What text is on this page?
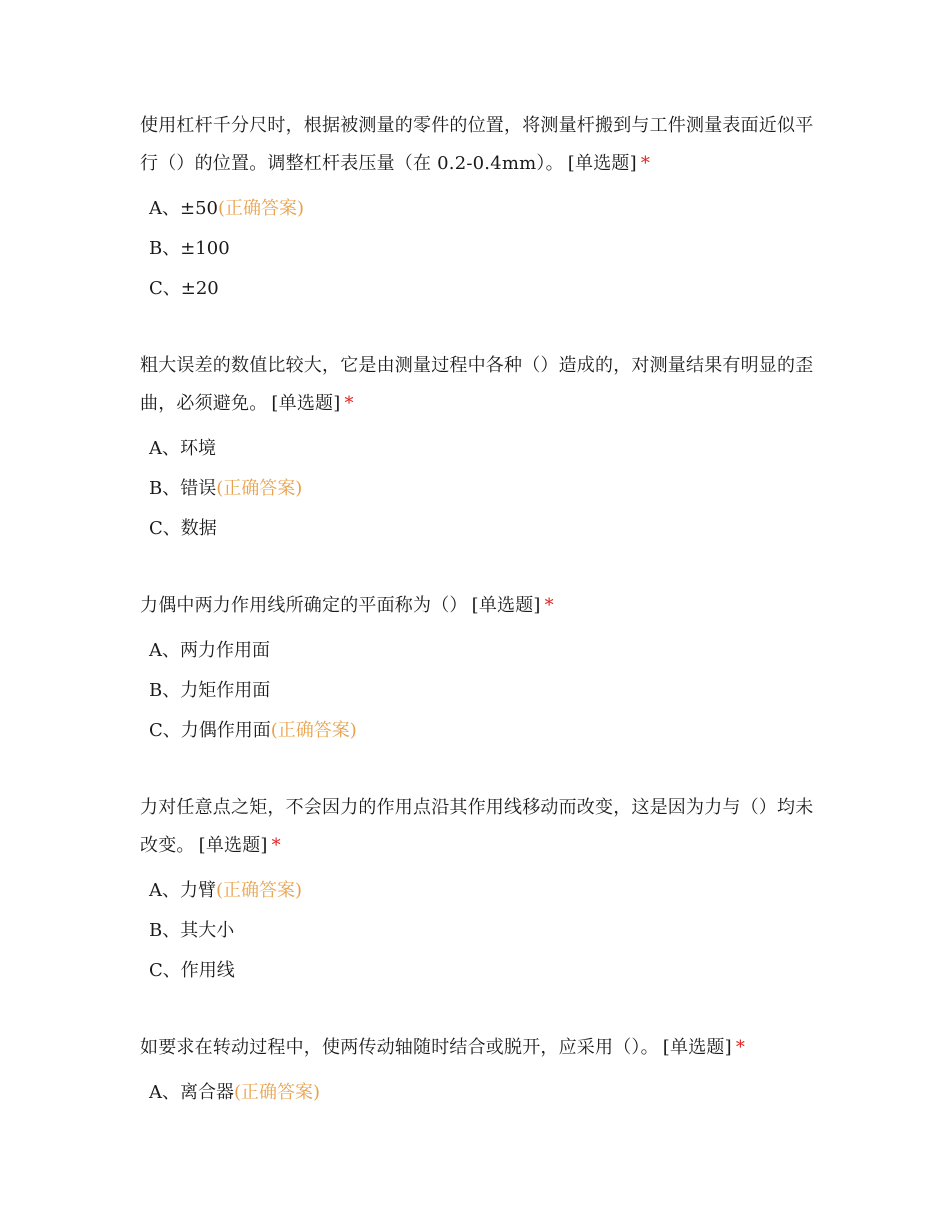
使用杠杆千分尺时，根据被测量的零件的位置，将测量杆搬到与工件测量表面近似平行（）的位置。调整杠杆表压量（在 0.2-0.4mm）。 [单选题] *

A、±50(正确答案)
B、±100
C、±20

粗大误差的数值比较大，它是由测量过程中各种（）造成的，对测量结果有明显的歪曲，必须避免。 [单选题] *

A、环境
B、错误(正确答案)
C、数据

力偶中两力作用线所确定的平面称为（） [单选题] *

A、两力作用面
B、力矩作用面
C、力偶作用面(正确答案)

力对任意点之矩，不会因力的作用点沿其作用线移动而改变，这是因为力与（）均未改变。 [单选题] *

A、力臂(正确答案)
B、其大小
C、作用线

如要求在转动过程中，使两传动轴随时结合或脱开，应采用（）。 [单选题] *

A、离合器(正确答案)
